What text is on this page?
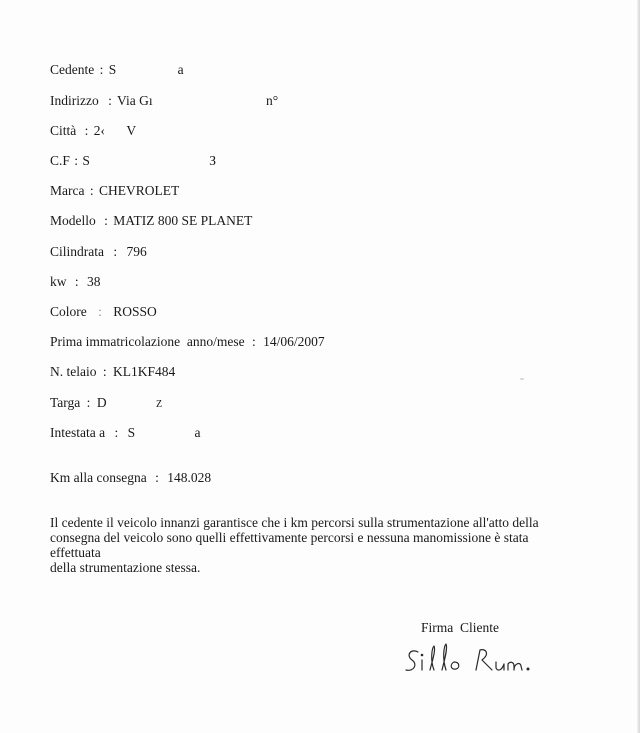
Cedente : S	a
Indirizzo : Via Gı	n°
Città : 2‹ V
C.F : S	З
Marca : CHEVROLET
Modello : MATIZ 800 SE PLANET
Cilindrata : 796
kw : 38
Colore : ROSSO
Prima immatricolazione  anno/mese : 14/06/2007
N. telaio : KL1KF484
Targa : D	Z
Intestata a : S	a
Km alla consegna : 148.028
Il cedente il veicolo innanzi garantisce che i km percorsi sulla strumentazione all'atto della
consegna del veicolo sono quelli effettivamente percorsi e nessuna manomissione è stata effettuata
della strumentazione stessa.
Firma  Cliente
